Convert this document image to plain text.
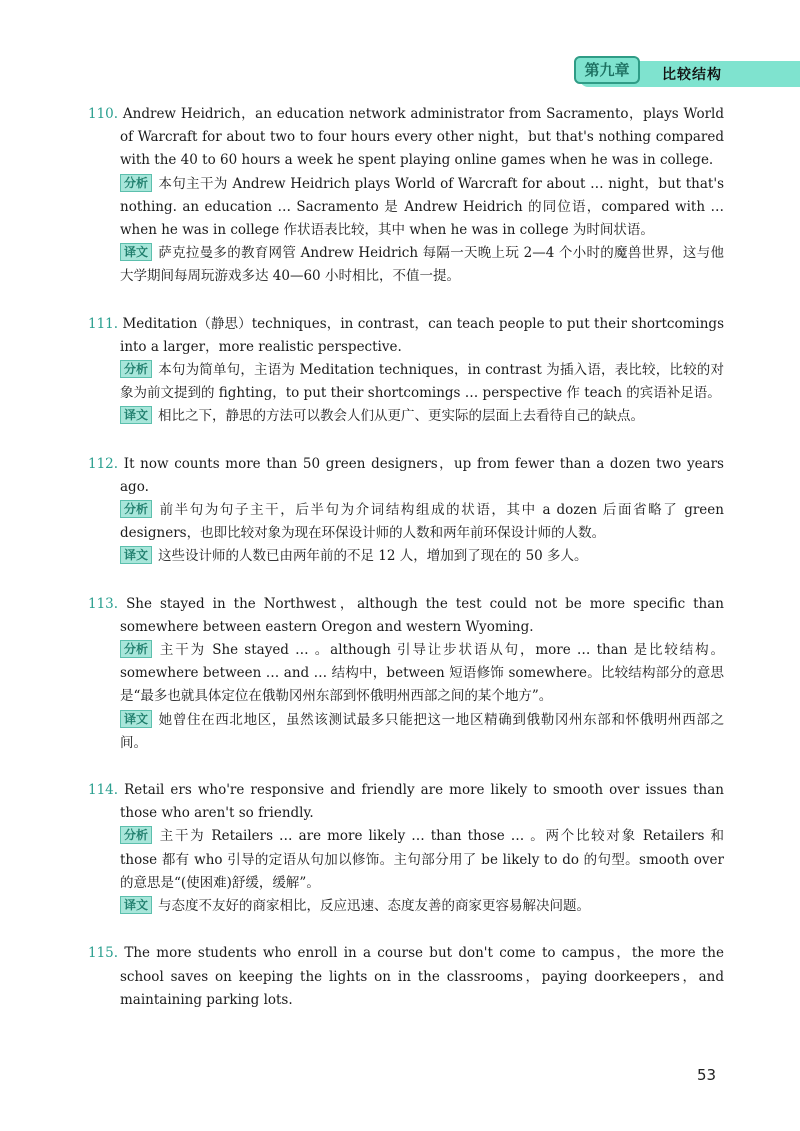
第九章	比较结构

110. Andrew Heidrich，an education network administrator from Sacramento，plays World of Warcraft for about two to four hours every other night，but that's nothing compared with the 40 to 60 hours a week he spent playing online games when he was in college.

分析 本句主干为 Andrew Heidrich plays World of Warcraft for about … night，but that's nothing. an education … Sacramento 是 Andrew Heidrich 的同位语，compared with … when he was in college 作状语表比较，其中 when he was in college 为时间状语。

译文 萨克拉曼多的教育网管 Andrew Heidrich 每隔一天晚上玩 2—4 个小时的魔兽世界，这与他大学期间每周玩游戏多达 40—60 小时相比，不值一提。

111. Meditation（静思）techniques，in contrast，can teach people to put their shortcomings into a larger，more realistic perspective.

分析 本句为简单句，主语为 Meditation techniques，in contrast 为插入语，表比较，比较的对象为前文提到的 fighting，to put their shortcomings … perspective 作 teach 的宾语补足语。

译文 相比之下，静思的方法可以教会人们从更广、更实际的层面上去看待自己的缺点。

112. It now counts more than 50 green designers，up from fewer than a dozen two years ago.

分析 前半句为句子主干，后半句为介词结构组成的状语，其中 a dozen 后面省略了 green designers，也即比较对象为现在环保设计师的人数和两年前环保设计师的人数。

译文 这些设计师的人数已由两年前的不足 12 人，增加到了现在的 50 多人。

113. She stayed in the Northwest，although the test could not be more specific than somewhere between eastern Oregon and western Wyoming.

分析 主干为 She stayed … 。although 引导让步状语从句，more … than 是比较结构。somewhere between … and … 结构中，between 短语修饰 somewhere。比较结构部分的意思是“最多也就具体定位在俄勒冈州东部到怀俄明州西部之间的某个地方”。

译文 她曾住在西北地区，虽然该测试最多只能把这一地区精确到俄勒冈州东部和怀俄明州西部之间。

114. Retail ers who're responsive and friendly are more likely to smooth over issues than those who aren't so friendly.

分析 主干为 Retailers … are more likely … than those … 。两个比较对象 Retailers 和 those 都有 who 引导的定语从句加以修饰。主句部分用了 be likely to do 的句型。smooth over 的意思是“(使困难)舒缓，缓解”。

译文 与态度不友好的商家相比，反应迅速、态度友善的商家更容易解决问题。

115. The more students who enroll in a course but don't come to campus，the more the school saves on keeping the lights on in the classrooms，paying doorkeepers，and maintaining parking lots.

53
